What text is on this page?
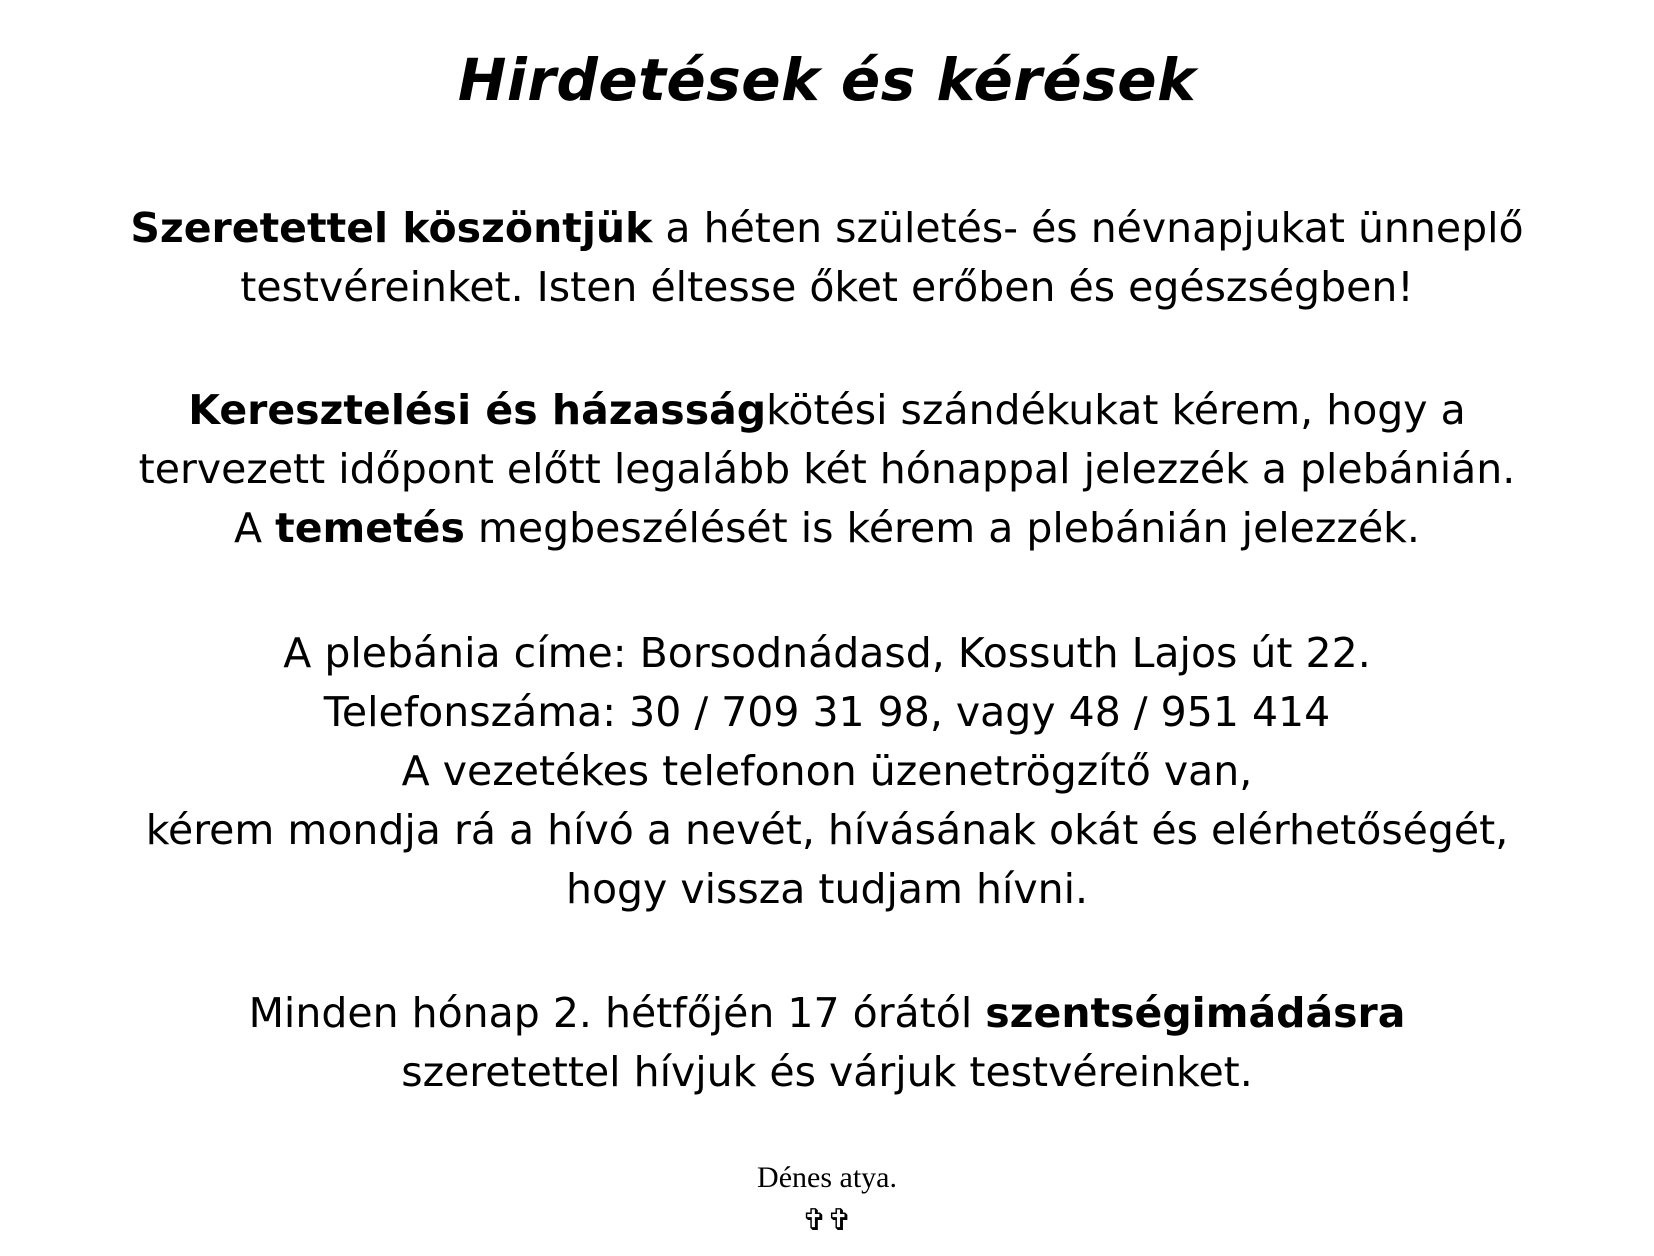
Hirdetések és kérések
Szeretettel köszöntjük a héten születés- és névnapjukat ünneplő
testvéreinket. Isten éltesse őket erőben és egészségben!
Keresztelési és házasságkötési szándékukat kérem, hogy a
tervezett időpont előtt legalább két hónappal jelezzék a plebánián.
A temetés megbeszélését is kérem a plebánián jelezzék.
A plebánia címe: Borsodnádasd, Kossuth Lajos út 22.
Telefonszáma: 30 / 709 31 98, vagy 48 / 951 414
A vezetékes telefonon üzenetrögzítő van,
kérem mondja rá a hívó a nevét, hívásának okát és elérhetőségét,
hogy vissza tudjam hívni.
Minden hónap 2. hétfőjén 17 órától szentségimádásra
szeretettel hívjuk és várjuk testvéreinket.
Dénes atya.
✞✞
